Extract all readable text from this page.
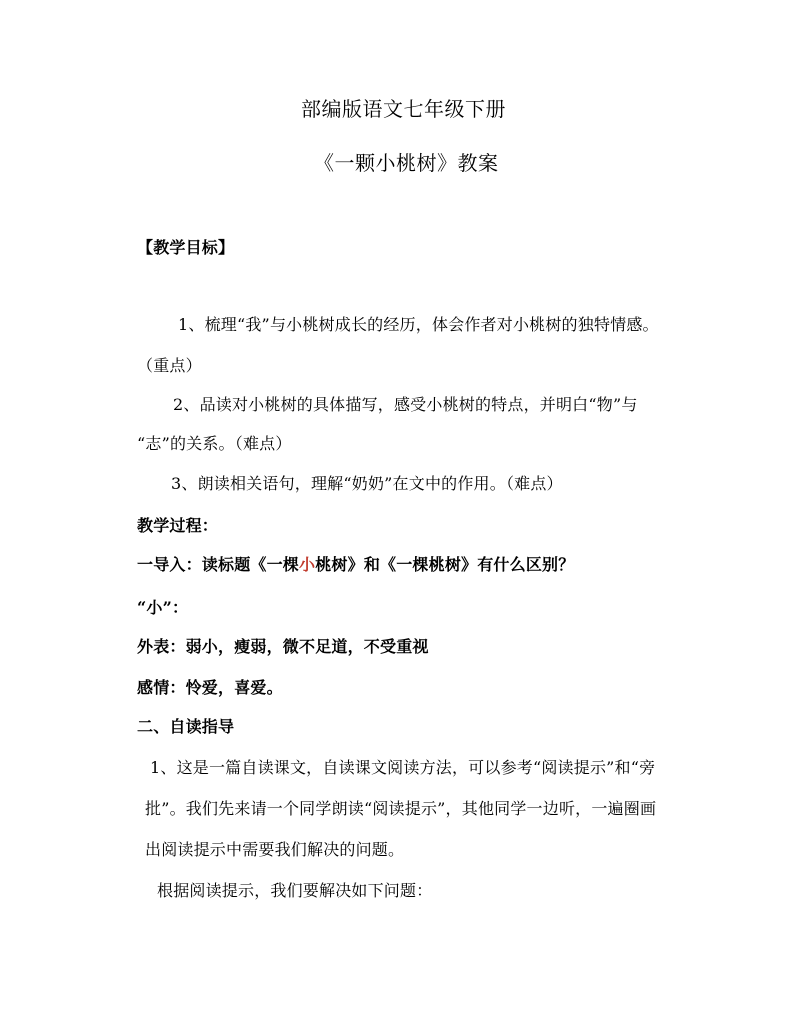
部编版语文七年级下册
《一颗小桃树》教案
【教学目标】
1、梳理“我”与小桃树成长的经历，体会作者对小桃树的独特情感。
（重点）
2、品读对小桃树的具体描写，感受小桃树的特点，并明白“物”与
“志”的关系。（难点）
3、朗读相关语句，理解“奶奶”在文中的作用。（难点）
教学过程：
一导入：读标题《一棵小桃树》和《一棵桃树》有什么区别？
“小”：
外表：弱小，瘦弱，微不足道，不受重视
感情：怜爱，喜爱。
二、自读指导
1、这是一篇自读课文，自读课文阅读方法，可以参考“阅读提示”和“旁
批”。我们先来请一个同学朗读“阅读提示”，其他同学一边听，一遍圈画
出阅读提示中需要我们解决的问题。
根据阅读提示，我们要解决如下问题：
